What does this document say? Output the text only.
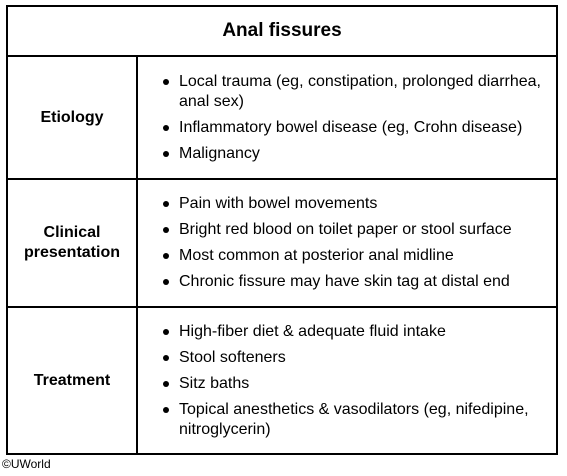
Anal fissures
Etiology
Local trauma (eg, constipation, prolonged diarrhea, anal sex)
Inflammatory bowel disease (eg, Crohn disease)
Malignancy
Clinical presentation
Pain with bowel movements
Bright red blood on toilet paper or stool surface
Most common at posterior anal midline
Chronic fissure may have skin tag at distal end
Treatment
High-fiber diet & adequate fluid intake
Stool softeners
Sitz baths
Topical anesthetics & vasodilators (eg, nifedipine, nitroglycerin)
©UWorld
